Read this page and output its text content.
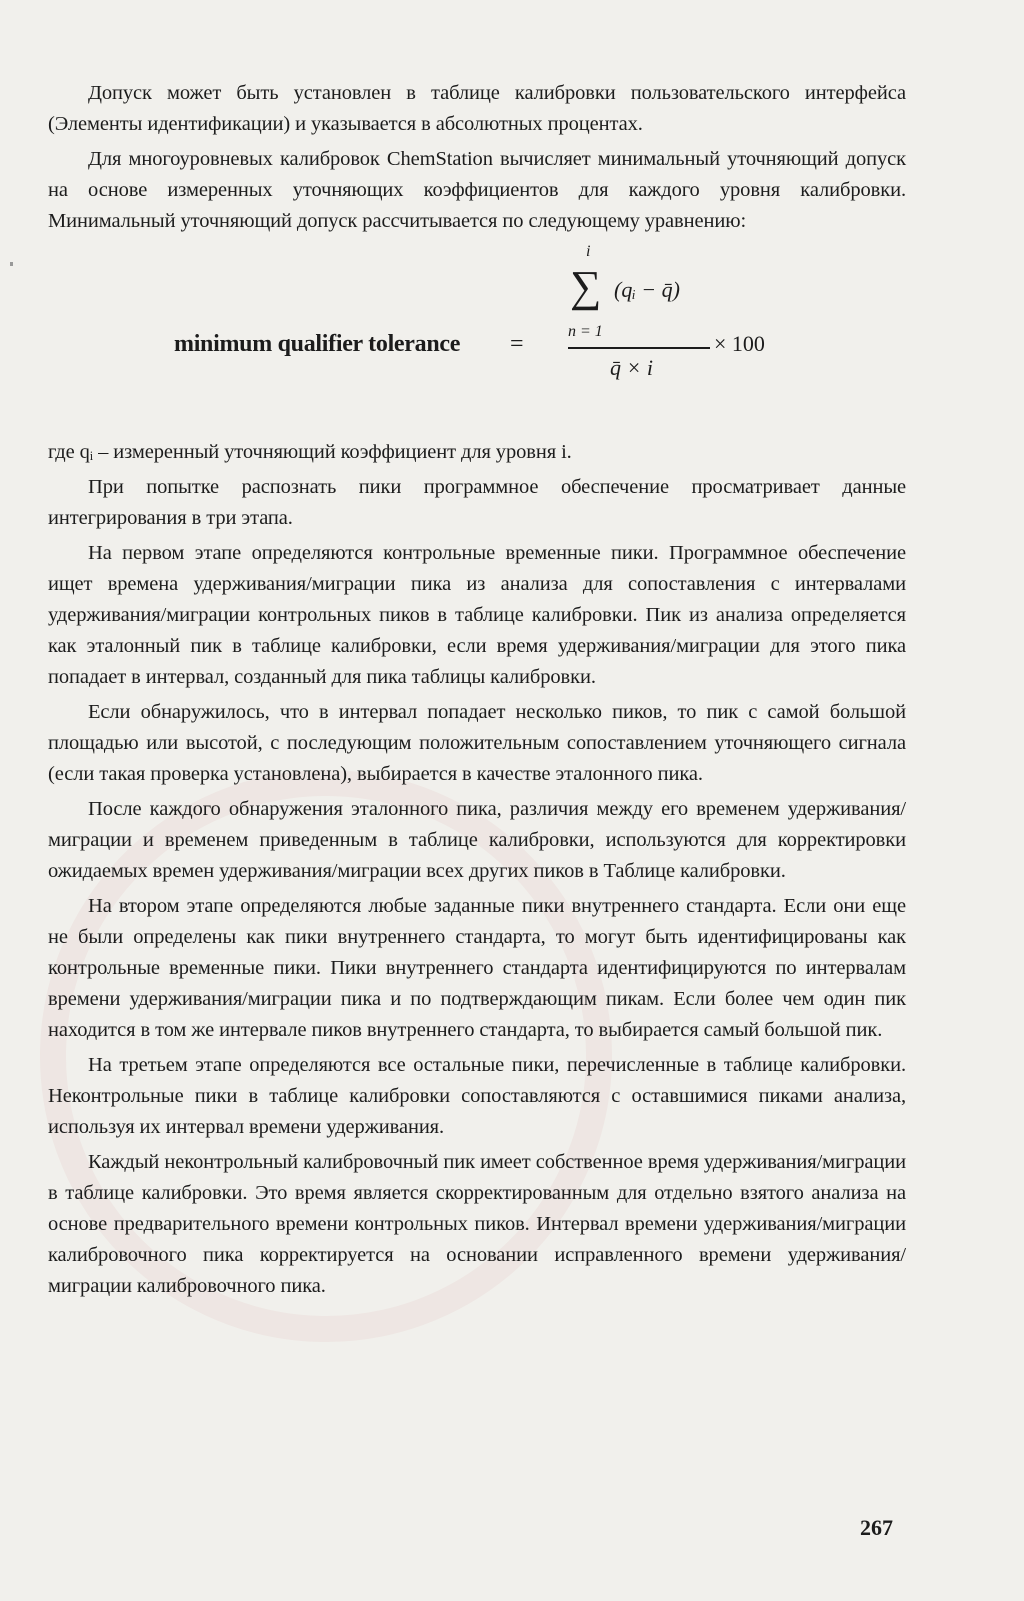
Допуск может быть установлен в таблице калибровки пользовательского интерфейса (Элементы идентификации) и указывается в абсолютных процентах.

Для многоуровневых калибровок ChemStation вычисляет минимальный уточняющий допуск на основе измеренных уточняющих коэффициентов для каждого уровня калибровки. Минимальный уточняющий допуск рассчитывается по следующему уравнению:

minimum qualifier tolerance =
i
∑ (qᵢ − q̄)
n = 1	× 100
q̄ × i

где qᵢ – измеренный уточняющий коэффициент для уровня i.

При попытке распознать пики программное обеспечение просматривает данные интегрирования в три этапа.

На первом этапе определяются контрольные временные пики. Программное обеспечение ищет времена удерживания/миграции пика из анализа для сопоставления с интервалами удерживания/миграции контрольных пиков в таблице калибровки. Пик из анализа определяется как эталонный пик в таблице калибровки, если время удерживания/миграции для этого пика попадает в интервал, созданный для пика таблицы калибровки.

Если обнаружилось, что в интервал попадает несколько пиков, то пик с самой большой площадью или высотой, с последующим положительным сопоставлением уточняющего сигнала (если такая проверка установлена), выбирается в качестве эталонного пика.

После каждого обнаружения эталонного пика, различия между его временем удерживания/миграции и временем приведенным в таблице калибровки, используются для корректировки ожидаемых времен удерживания/миграции всех других пиков в Таблице калибровки.

На втором этапе определяются любые заданные пики внутреннего стандарта. Если они еще не были определены как пики внутреннего стандарта, то могут быть идентифицированы как контрольные временные пики. Пики внутреннего стандарта идентифицируются по интервалам времени удерживания/миграции пика и по подтверждающим пикам. Если более чем один пик находится в том же интервале пиков внутреннего стандарта, то выбирается самый большой пик.

На третьем этапе определяются все остальные пики, перечисленные в таблице калибровки. Неконтрольные пики в таблице калибровки сопоставляются с оставшимися пиками анализа, используя их интервал времени удерживания.

Каждый неконтрольный калибровочный пик имеет собственное время удерживания/миграции в таблице калибровки. Это время является скорректированным для отдельно взятого анализа на основе предварительного времени контрольных пиков. Интервал времени удерживания/миграции калибровочного пика корректируется на основании исправленного времени удерживания/миграции калибровочного пика.

267
